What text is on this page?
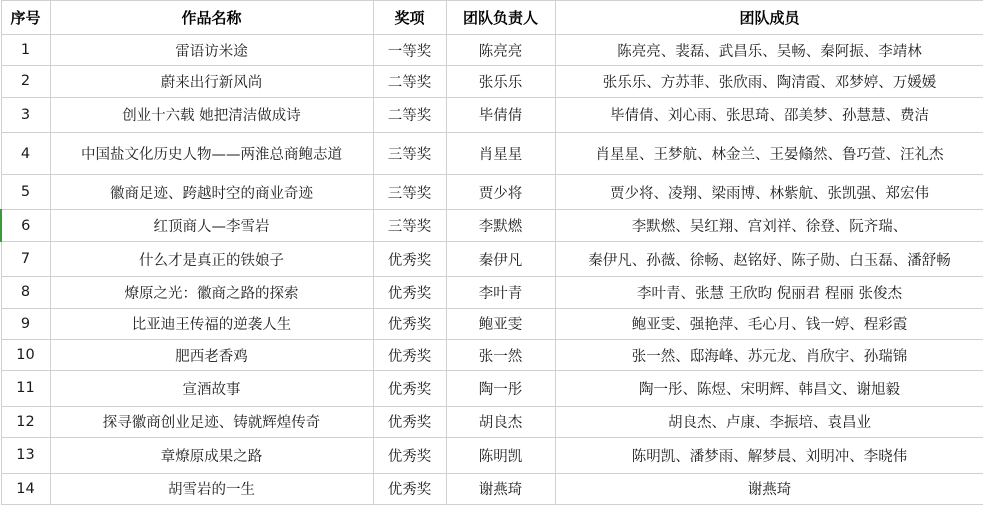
序号	作品名称	奖项	团队负责人	团队成员
1	雷语访米途	一等奖	陈亮亮	陈亮亮、裴磊、武昌乐、吴畅、秦阿振、李靖林
2	蔚来出行新风尚	二等奖	张乐乐	张乐乐、方苏菲、张欣雨、陶清霞、邓梦婷、万媛媛
3	创业十六载 她把清洁做成诗	二等奖	毕倩倩	毕倩倩、刘心雨、张思琦、邵美梦、孙慧慧、费洁
4	中国盐文化历史人物——两淮总商鲍志道	三等奖	肖星星	肖星星、王梦航、林金兰、王晏翛然、鲁巧萱、汪礼杰
5	徽商足迹、跨越时空的商业奇迹	三等奖	贾少将	贾少将、凌翔、梁雨博、林紫航、张凯强、郑宏伟
6	红顶商人—李雪岩	三等奖	李默燃	李默燃、吴红翔、宫刘祥、徐登、阮齐瑞、
7	什么才是真正的铁娘子	优秀奖	秦伊凡	秦伊凡、孙薇、徐畅、赵铭妤、陈子勋、白玉磊、潘舒畅
8	燎原之光：徽商之路的探索	优秀奖	李叶青	李叶青、张慧 王欣昀 倪丽君 程丽 张俊杰
9	比亚迪王传福的逆袭人生	优秀奖	鲍亚雯	鲍亚雯、强艳萍、毛心月、钱一婷、程彩霞
10	肥西老香鸡	优秀奖	张一然	张一然、邸海峰、苏元龙、肖欣宇、孙瑞锦
11	宣酒故事	优秀奖	陶一彤	陶一彤、陈煜、宋明辉、韩昌文、谢旭毅
12	探寻徽商创业足迹、铸就辉煌传奇	优秀奖	胡良杰	胡良杰、卢康、李振培、袁昌业
13	章燎原成果之路	优秀奖	陈明凯	陈明凯、潘梦雨、解梦晨、刘明冲、李晓伟
14	胡雪岩的一生	优秀奖	谢燕琦	谢燕琦
